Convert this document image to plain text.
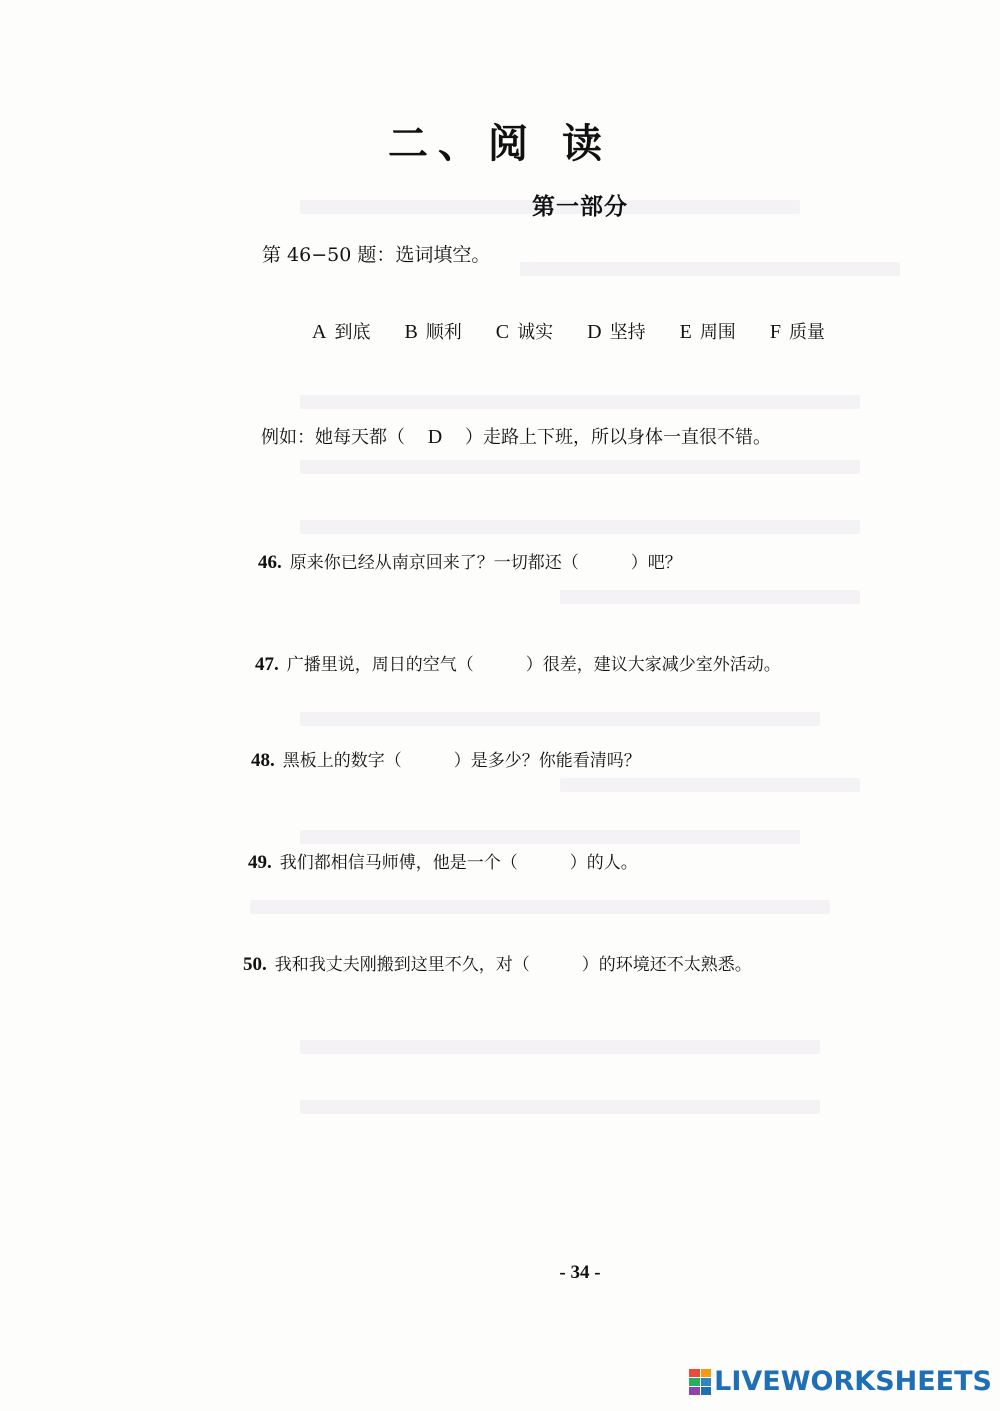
二、阅 读
第一部分
第 46−50 题：选词填空。
A 到底 B 顺利 C 诚实 D 坚持 E 周围 F 质量
例如：她每天都（ D ）走路上下班，所以身体一直很不错。
46. 原来你已经从南京回来了？一切都还（	）吧？
47. 广播里说，周日的空气（	）很差，建议大家减少室外活动。
48. 黑板上的数字（	）是多少？你能看清吗？
49. 我们都相信马师傅，他是一个（	）的人。
50. 我和我丈夫刚搬到这里不久，对（	）的环境还不太熟悉。
- 34 -
LIVEWORKSHEETS
